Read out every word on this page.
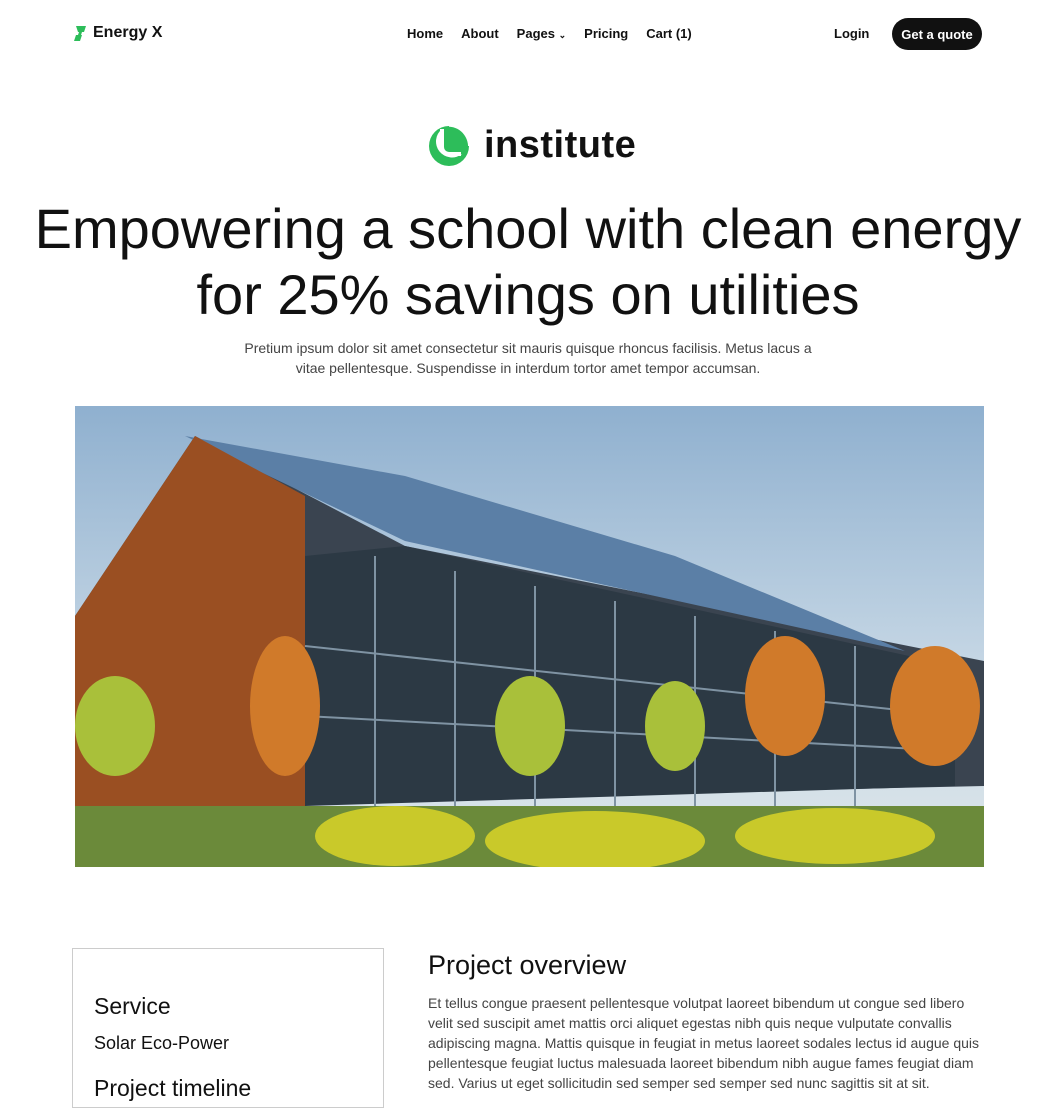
Energy X	Home About Pages ⌄ Pricing Cart (1)	Login	Get a quote
institute
Empowering a school with clean energy for 25% savings on utilities

Pretium ipsum dolor sit amet consectetur sit mauris quisque rhoncus facilisis. Metus lacus a vitae pellentesque. Suspendisse in interdum tortor amet tempor accumsan.

Service
Solar Eco-Power
Project timeline
Project overview

Et tellus congue praesent pellentesque volutpat laoreet bibendum ut congue sed libero velit sed suscipit amet mattis orci aliquet egestas nibh quis neque vulputate convallis adipiscing magna. Mattis quisque in feugiat in metus laoreet sodales lectus id augue quis pellentesque feugiat luctus malesuada laoreet bibendum nibh augue fames feugiat diam sed. Varius ut eget sollicitudin sed semper sed semper sed nunc sagittis sit at sit.
